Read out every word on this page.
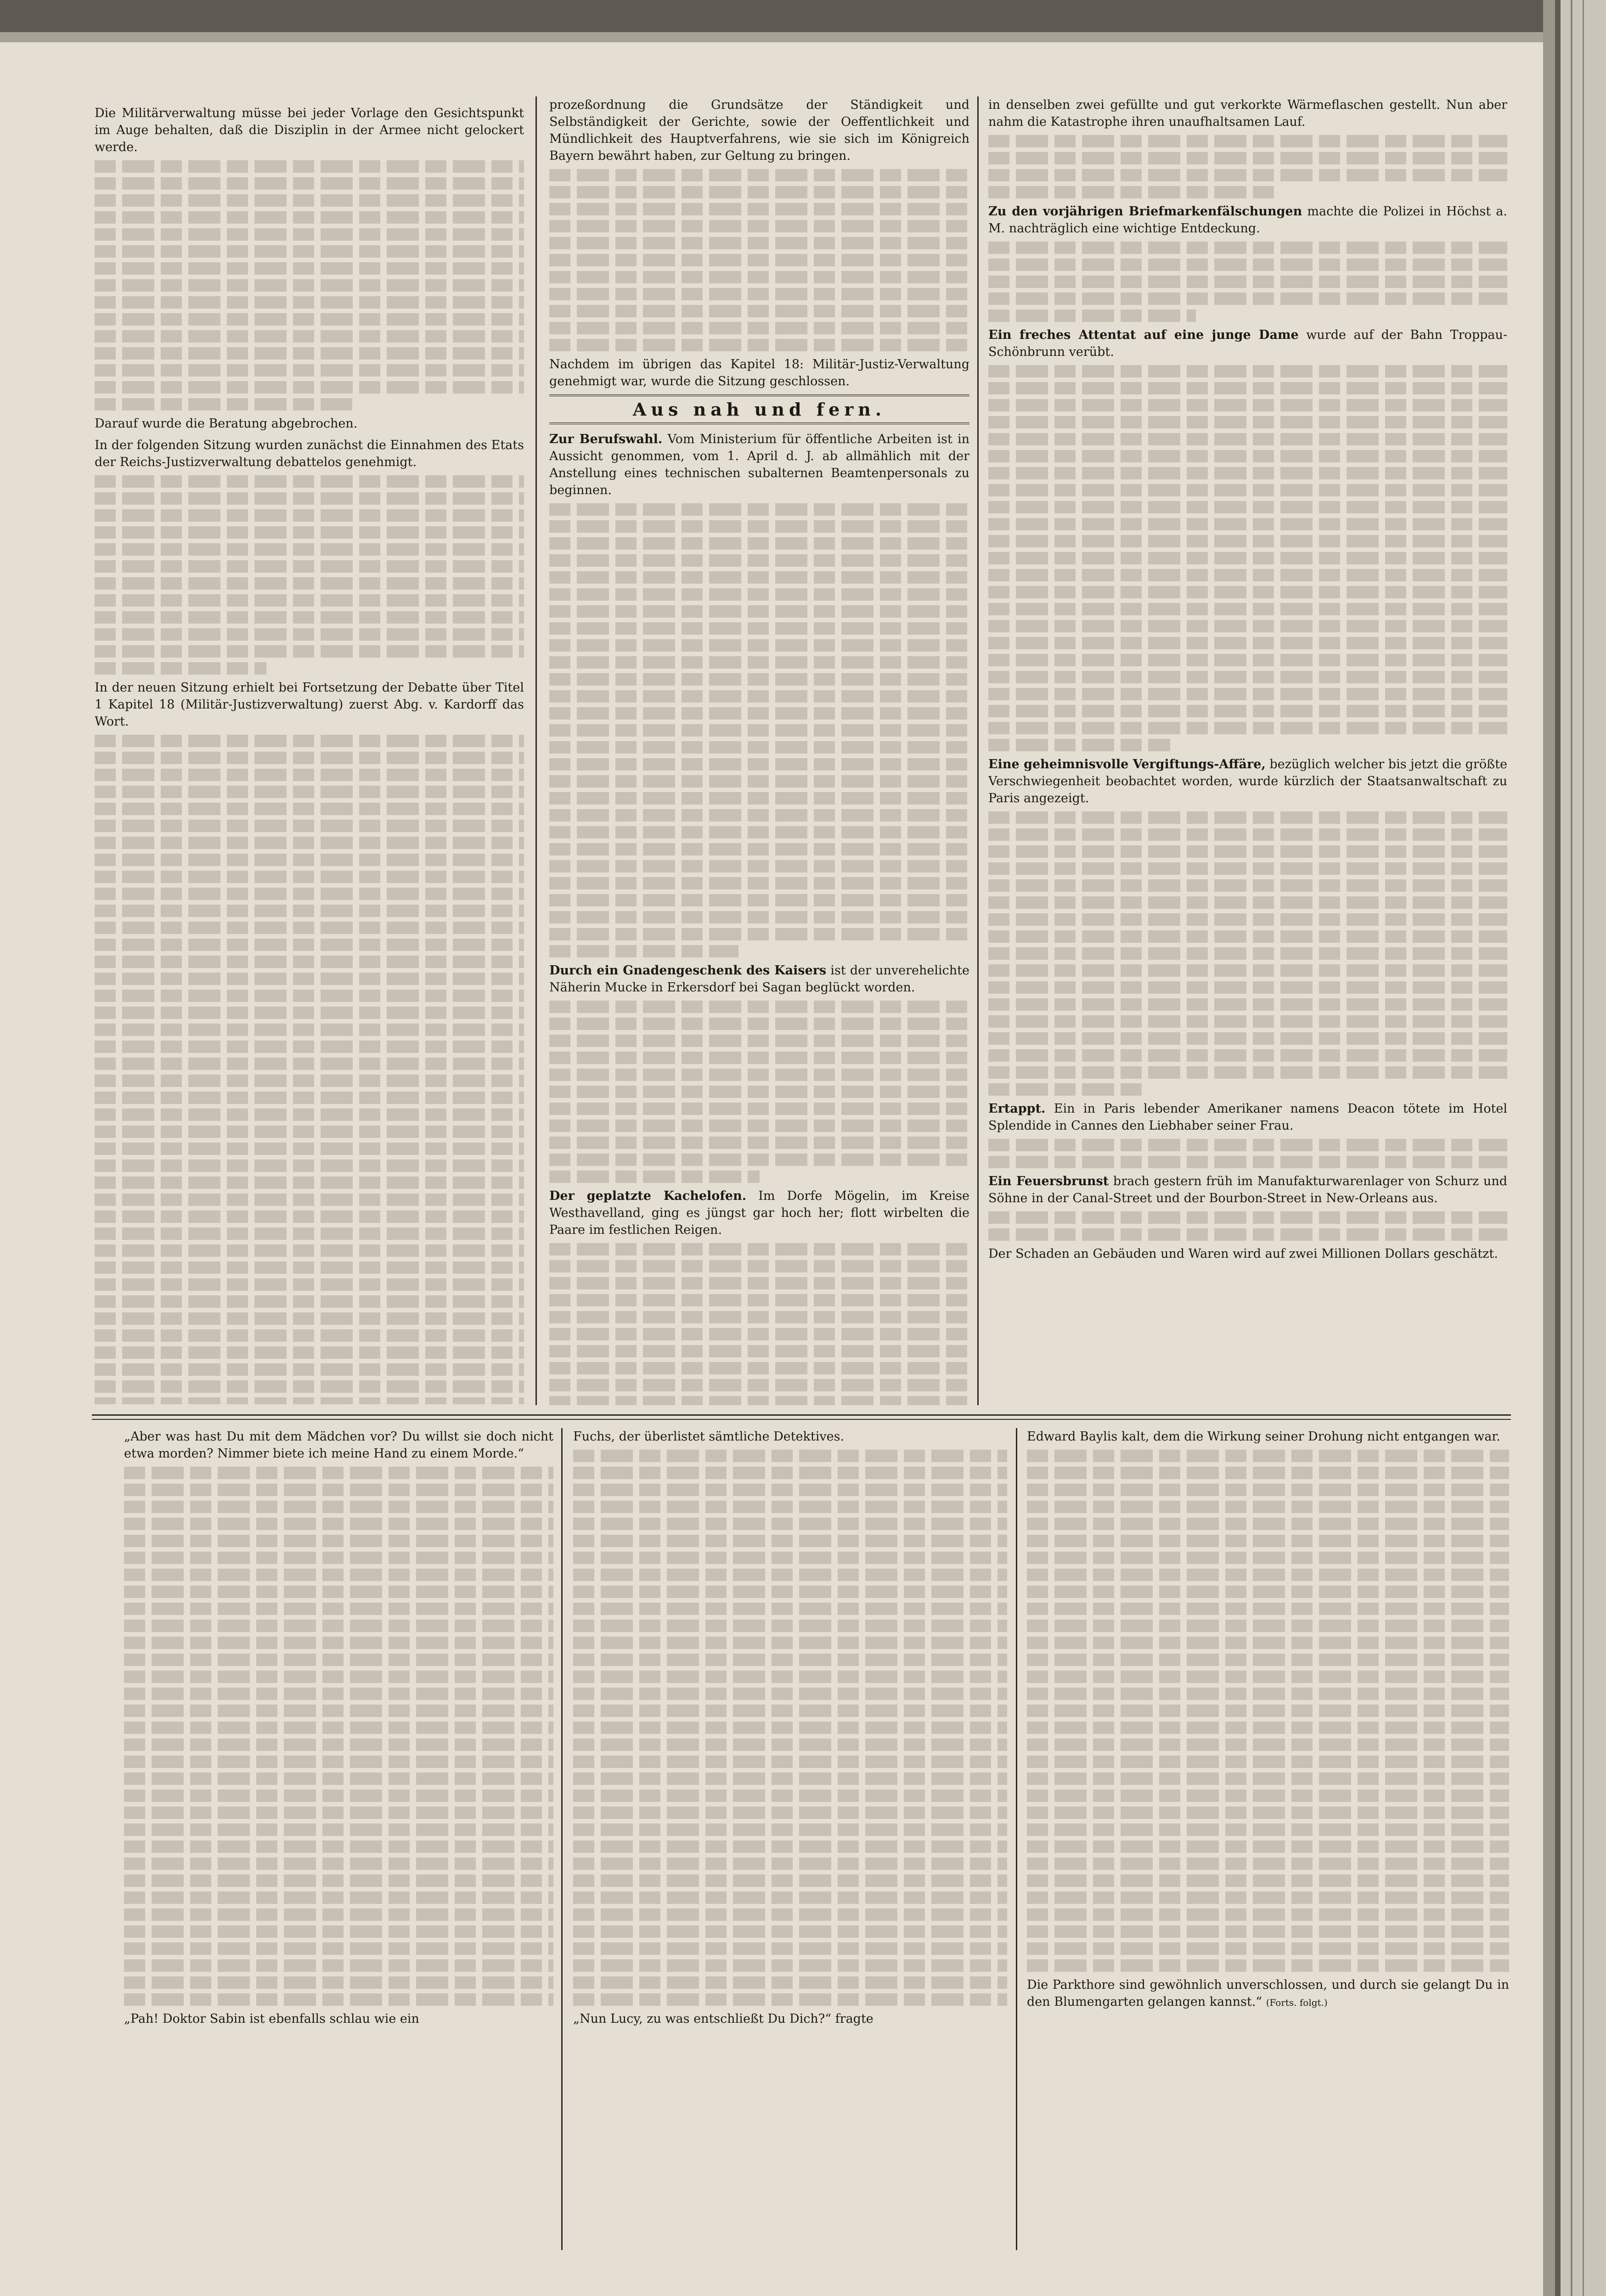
Die Militärverwaltung müsse bei jeder Vorlage den Gesichtspunkt im Auge behalten, daß die Disziplin in der Armee nicht gelockert werde.

Darauf wurde die Beratung abgebrochen.

In der folgenden Sitzung wurden zunächst die Einnahmen des Etats der Reichs-Justizverwaltung debattelos genehmigt.

In der neuen Sitzung erhielt bei Fortsetzung der Debatte über Titel 1 Kapitel 18 (Militär-Justizverwaltung) zuerst Abg. v. Kardorff das Wort.

prozeßordnung die Grundsätze der Ständigkeit und Selbständigkeit der Gerichte, sowie der Oeffentlichkeit und Mündlichkeit des Hauptverfahrens, wie sie sich im Königreich Bayern bewährt haben, zur Geltung zu bringen.

Nachdem im übrigen das Kapitel 18: Militär-Justiz-Verwaltung genehmigt war, wurde die Sitzung geschlossen.

Aus nah und fern.

Zur Berufswahl. Vom Ministerium für öffentliche Arbeiten ist in Aussicht genommen, vom 1. April d. J. ab allmählich mit der Anstellung eines technischen subalternen Beamtenpersonals zu beginnen.

Durch ein Gnadengeschenk des Kaisers ist der unverehelichte Näherin Mucke in Erkersdorf bei Sagan beglückt worden.

Der geplatzte Kachelofen. Im Dorfe Mögelin, im Kreise Westhavelland, ging es jüngst gar hoch her; flott wirbelten die Paare im festlichen Reigen.

in denselben zwei gefüllte und gut verkorkte Wärmeflaschen gestellt. Nun aber nahm die Katastrophe ihren unaufhaltsamen Lauf.

Zu den vorjährigen Briefmarkenfälschungen machte die Polizei in Höchst a. M. nachträglich eine wichtige Entdeckung.

Ein freches Attentat auf eine junge Dame wurde auf der Bahn Troppau-Schönbrunn verübt.

Eine geheimnisvolle Vergiftungs-Affäre, bezüglich welcher bis jetzt die größte Verschwiegenheit beobachtet worden, wurde kürzlich der Staatsanwaltschaft zu Paris angezeigt.

Ertappt. Ein in Paris lebender Amerikaner namens Deacon tötete im Hotel Splendide in Cannes den Liebhaber seiner Frau.

Ein Feuersbrunst brach gestern früh im Manufakturwarenlager von Schurz und Söhne in der Canal-Street und der Bourbon-Street in New-Orleans aus.

Der Schaden an Gebäuden und Waren wird auf zwei Millionen Dollars geschätzt.

„Aber was hast Du mit dem Mädchen vor? Du willst sie doch nicht etwa morden? Nimmer biete ich meine Hand zu einem Morde.“

„Pah! Doktor Sabin ist ebenfalls schlau wie ein

Fuchs, der überlistet sämtliche Detektives.

„Nun Lucy, zu was entschließt Du Dich?“ fragte

Edward Baylis kalt, dem die Wirkung seiner Drohung nicht entgangen war.

Die Parkthore sind gewöhnlich unverschlossen, und durch sie gelangt Du in den Blumengarten gelangen kannst.“ (Forts. folgt.)
